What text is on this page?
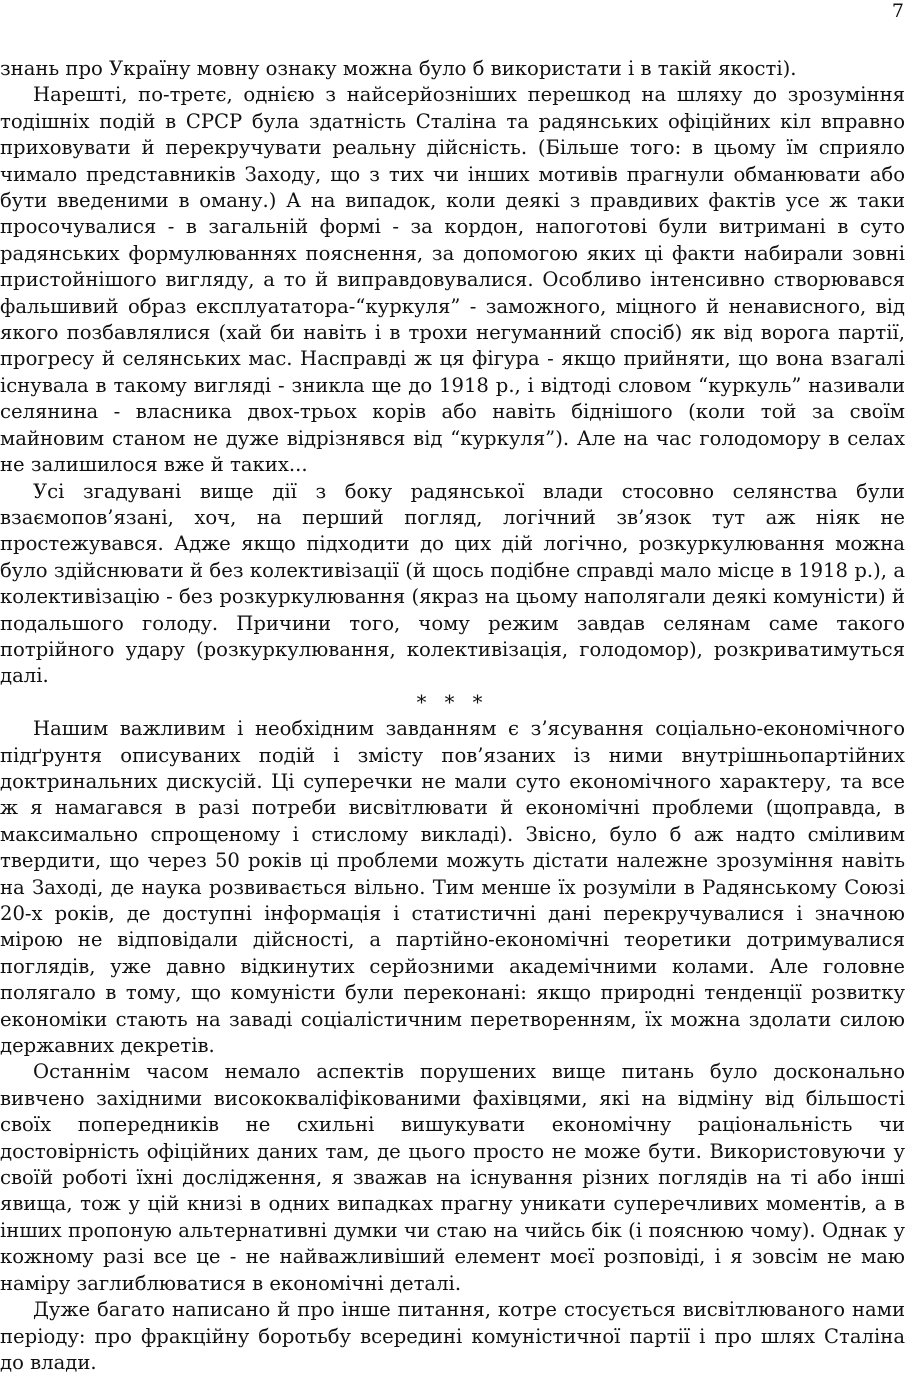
7

знань про Україну мовну ознаку можна було б використати і в такій якості).

Нарешті, по-третє, однією з найсерйозніших перешкод на шляху до зрозуміння тодішніх подій в СРСР була здатність Сталіна та радянських офіційних кіл вправно приховувати й перекручувати реальну дійсність. (Більше того: в цьому їм сприяло чимало представників Заходу, що з тих чи інших мотивів прагнули обманювати або бути введеними в оману.) А на випадок, коли деякі з правдивих фактів усе ж таки просочувалися - в загальній формі - за кордон, напоготові були витримані в суто радянських формулюваннях пояснення, за допомогою яких ці факти набирали зовні пристойнішого вигляду, а то й виправдовувалися. Особливо інтенсивно створювався фальшивий образ експлуататора-“куркуля” - заможного, міцного й ненависного, від якого позбавлялися (хай би навіть і в трохи негуманний спосіб) як від ворога партії, прогресу й селянських мас. Насправді ж ця фігура - якщо прийняти, що вона взагалі існувала в такому вигляді - зникла ще до 1918 р., і відтоді словом “куркуль” називали селянина - власника двох-трьох корів або навіть біднішого (коли той за своїм майновим станом не дуже відрізнявся від “куркуля”). Але на час голодомору в селах не залишилося вже й таких...

Усі згадувані вище дії з боку радянської влади стосовно селянства були взаємопов’язані, хоч, на перший погляд, логічний зв’язок тут аж ніяк не простежувався. Адже якщо підходити до цих дій логічно, розкуркулювання можна було здійснювати й без колективізації (й щось подібне справді мало місце в 1918 р.), а колективізацію - без розкуркулювання (якраз на цьому наполягали деякі комуністи) й подальшого голоду. Причини того, чому режим завдав селянам саме такого потрійного удару (розкуркулювання, колективізація, голодомор), розкриватимуться далі.

* * *

Нашим важливим і необхідним завданням є з’ясування соціально-економічного підґрунтя описуваних подій і змісту пов’язаних із ними внутрішньопартійних доктринальних дискусій. Ці суперечки не мали суто економічного характеру, та все ж я намагався в разі потреби висвітлювати й економічні проблеми (щоправда, в максимально спрощеному і стислому викладі). Звісно, було б аж надто сміливим твердити, що через 50 років ці проблеми можуть дістати належне зрозуміння навіть на Заході, де наука розвивається вільно. Тим менше їх розуміли в Радянському Союзі 20-х років, де доступні інформація і статистичні дані перекручувалися і значною мірою не відповідали дійсності, а партійно-економічні теоретики дотримувалися поглядів, уже давно відкинутих серйозними академічними колами. Але головне полягало в тому, що комуністи були переконані: якщо природні тенденції розвитку економіки стають на заваді соціалістичним перетворенням, їх можна здолати силою державних декретів.

Останнім часом немало аспектів порушених вище питань було досконально вивчено західними висококваліфікованими фахівцями, які на відміну від більшості своїх попередників не схильні вишукувати економічну раціональність чи достовірність офіційних даних там, де цього просто не може бути. Використовуючи у своїй роботі їхні дослідження, я зважав на існування різних поглядів на ті або інші явища, тож у цій книзі в одних випадках прагну уникати суперечливих моментів, а в інших пропоную альтернативні думки чи стаю на чийсь бік (і пояснюю чому). Однак у кожному разі все це - не найважливіший елемент моєї розповіді, і я зовсім не маю наміру заглиблюватися в економічні деталі.

Дуже багато написано й про інше питання, котре стосується висвітлюваного нами періоду: про фракційну боротьбу всередині комуністичної партії і про шлях Сталіна до влади.
